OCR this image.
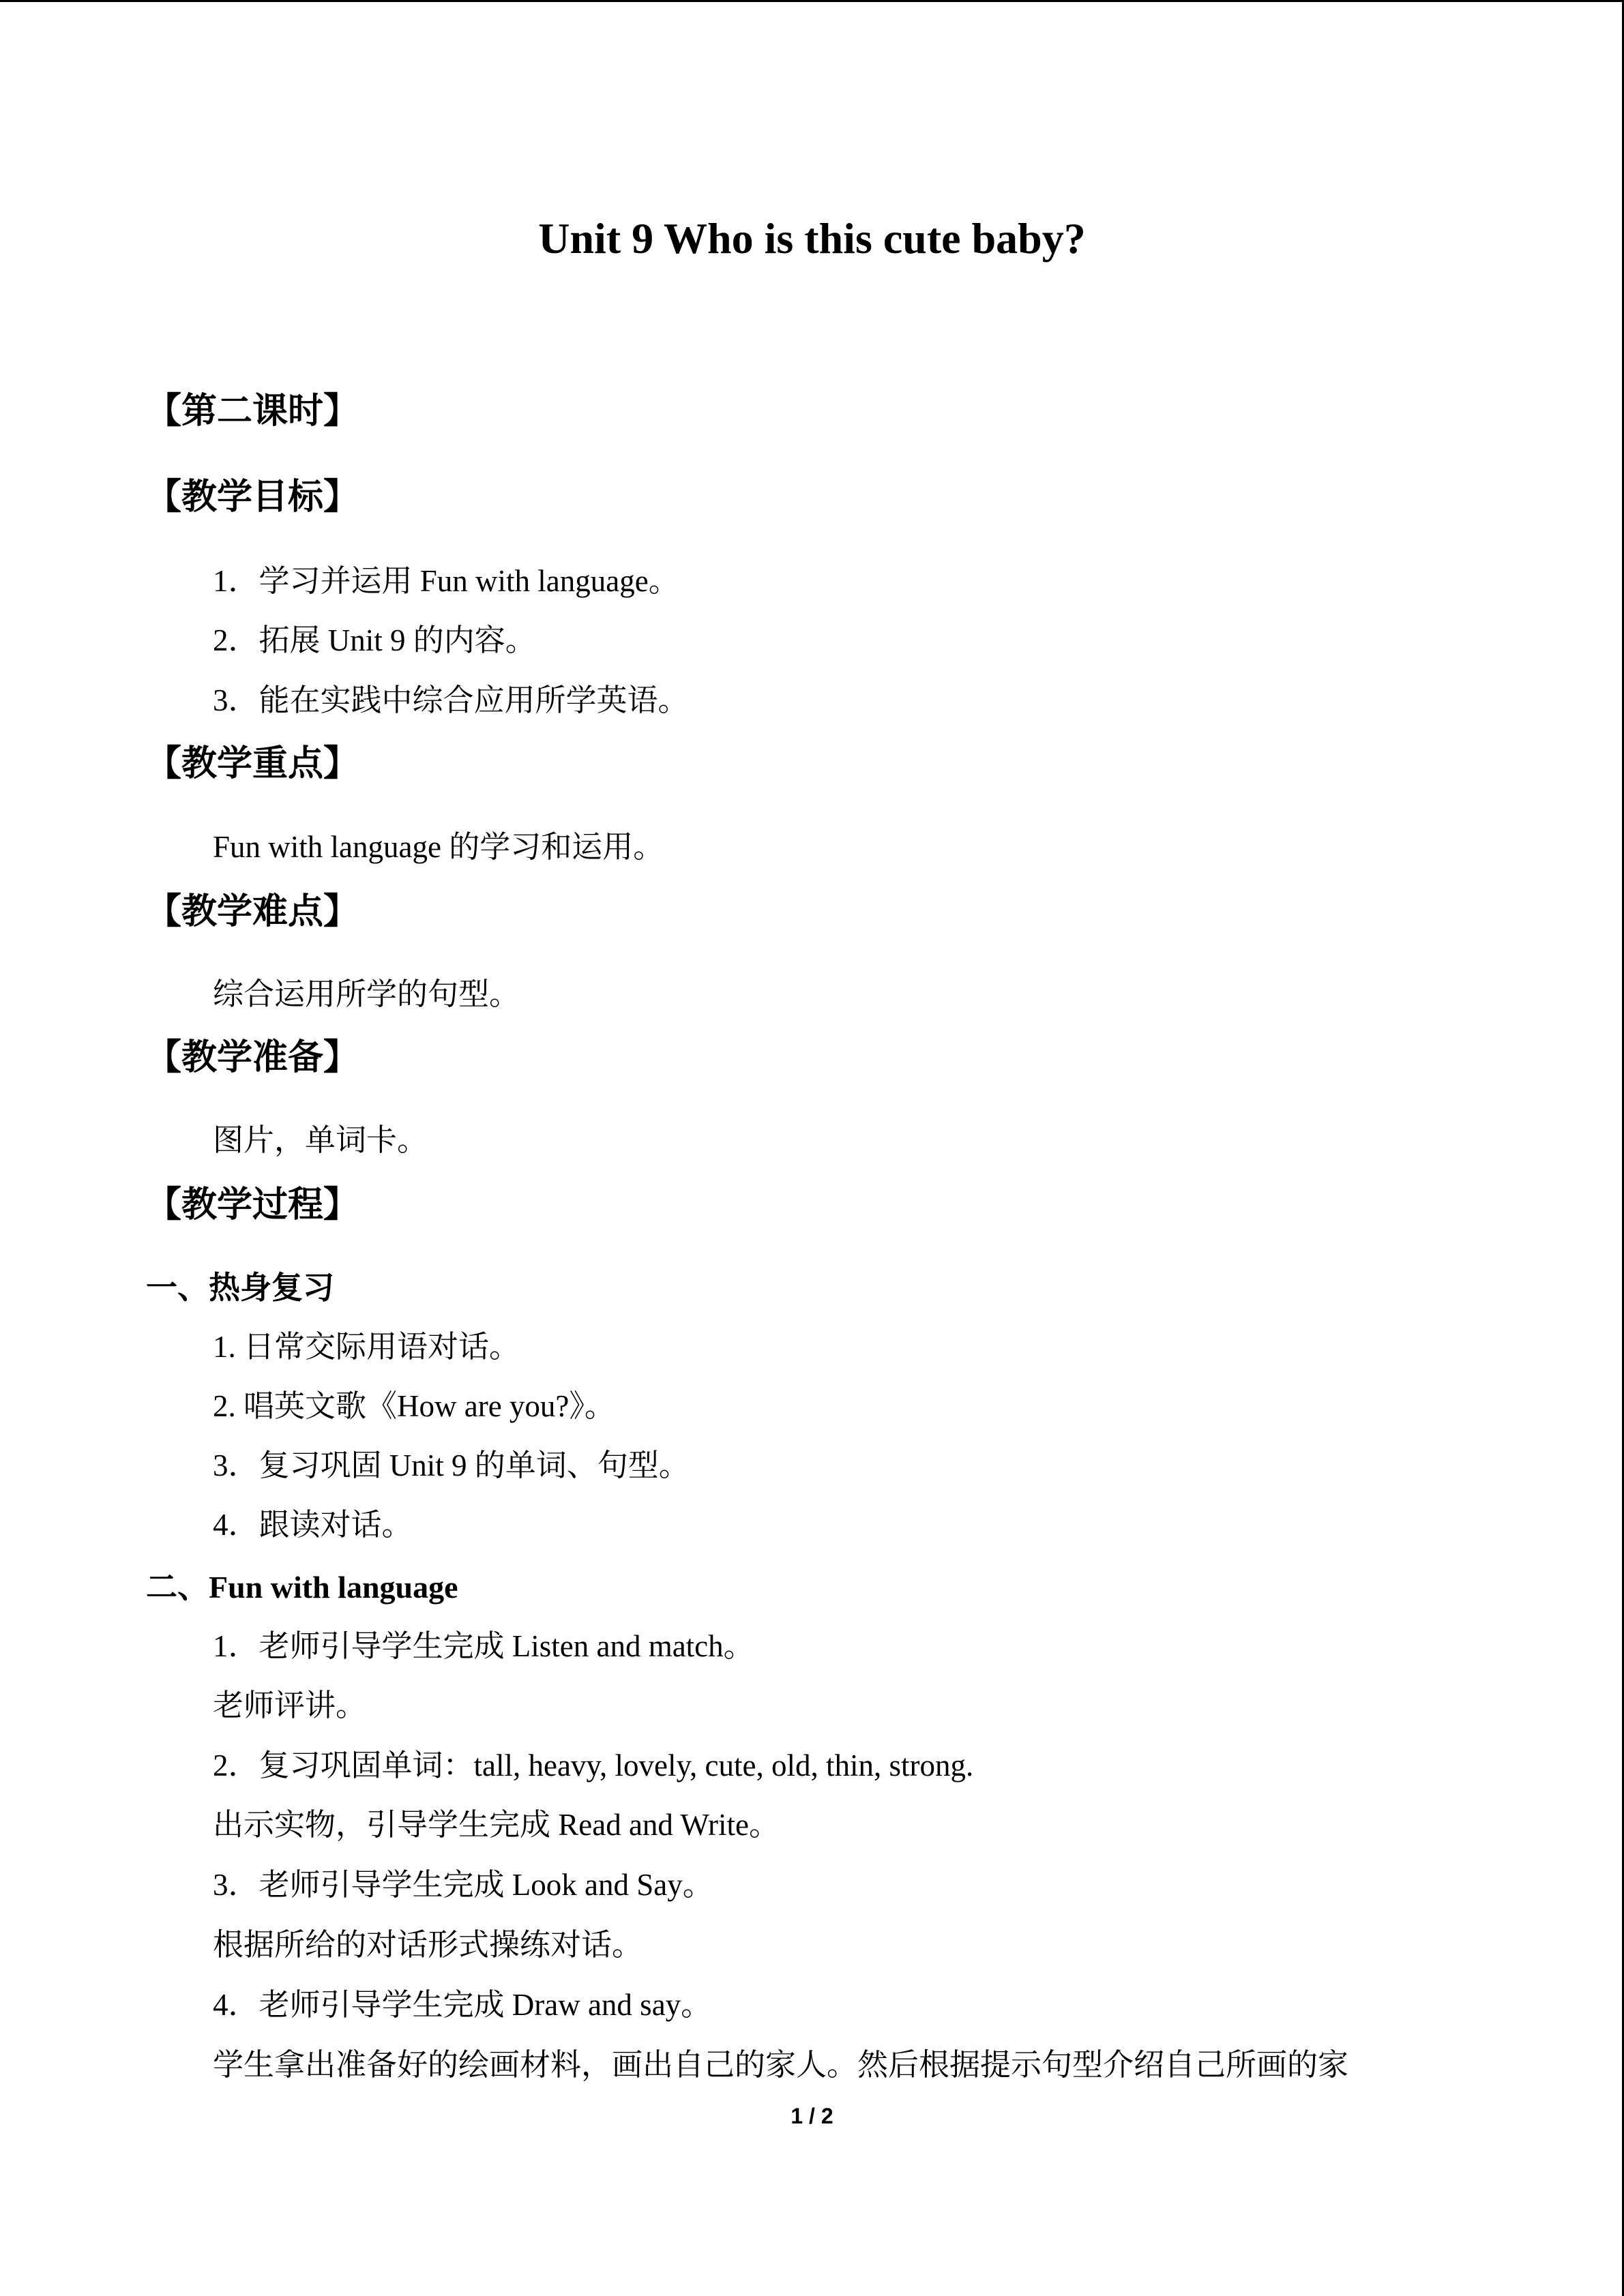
Unit 9 Who is this cute baby?
【第二课时】
【教学目标】
1．学习并运用 Fun with language。
2．拓展 Unit 9 的内容。
3．能在实践中综合应用所学英语。
【教学重点】
Fun with language 的学习和运用。
【教学难点】
综合运用所学的句型。
【教学准备】
图片，单词卡。
【教学过程】
一、热身复习
1. 日常交际用语对话。
2. 唱英文歌《How are you?》。
3．复习巩固 Unit 9 的单词、句型。
4．跟读对话。
二、Fun with language
1．老师引导学生完成 Listen and match。
老师评讲。
2．复习巩固单词：tall, heavy, lovely, cute, old, thin, strong.
出示实物，引导学生完成 Read and Write。
3．老师引导学生完成 Look and Say。
根据所给的对话形式操练对话。
4．老师引导学生完成 Draw and say。
学生拿出准备好的绘画材料，画出自己的家人。然后根据提示句型介绍自己所画的家
1 / 2
